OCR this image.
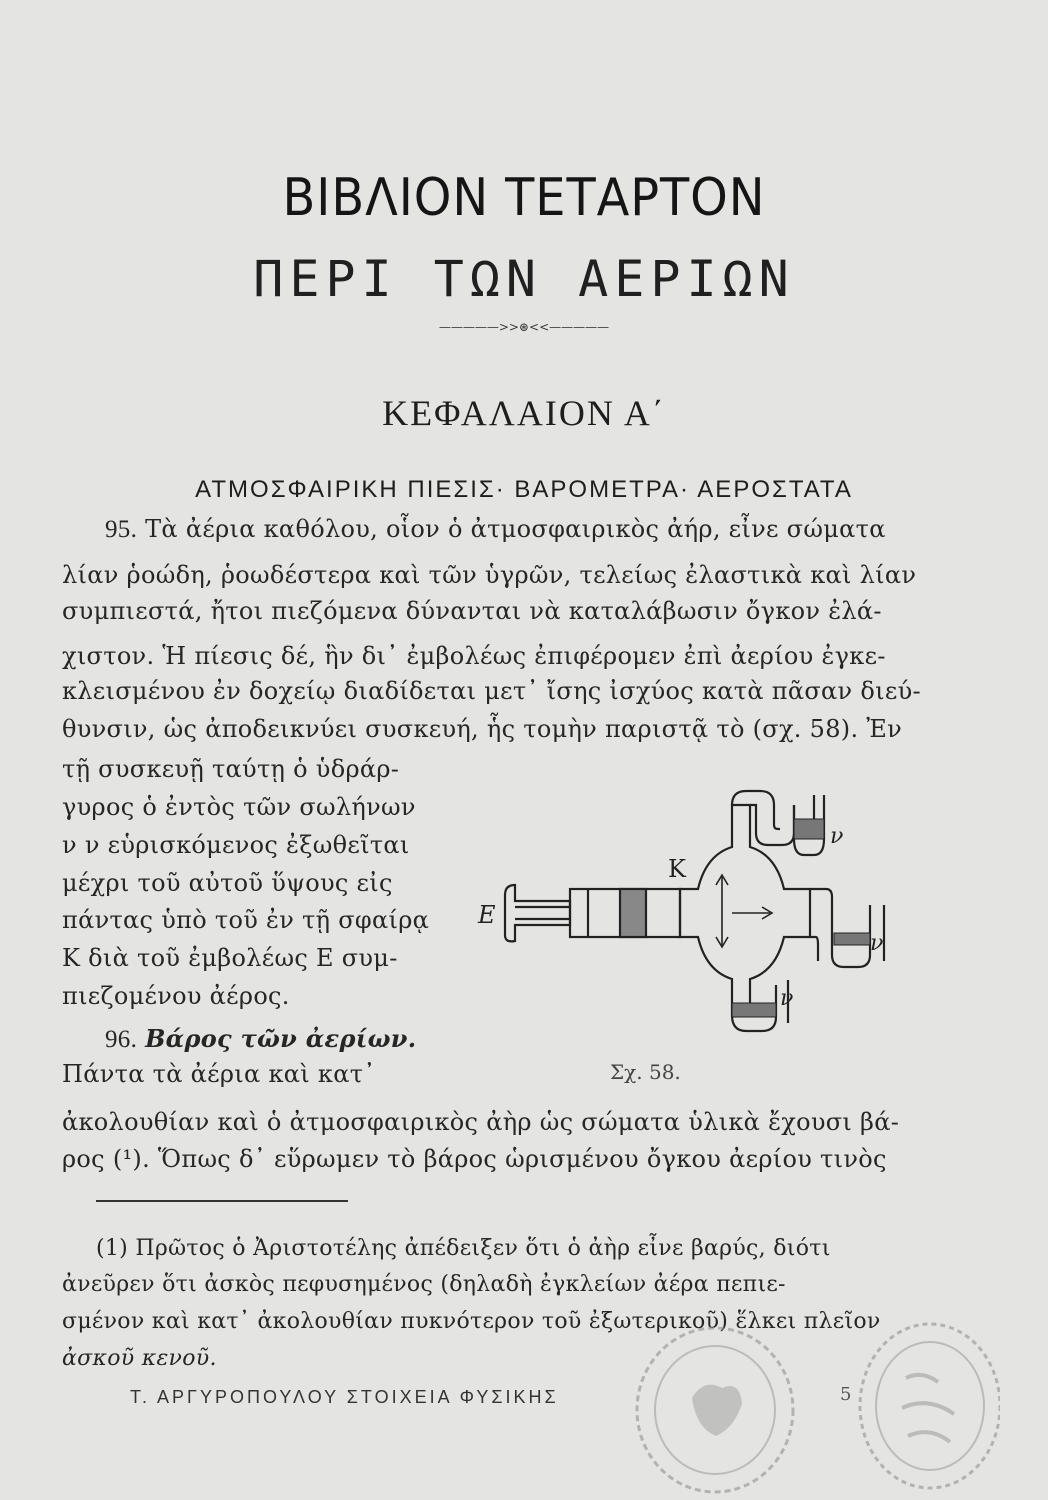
ΒΙΒΛΙΟΝ ΤΕΤΑΡΤΟΝ
ΠΕΡΙ ΤΩΝ ΑΕΡΙΩΝ
—————>>⊛<<—————
ΚΕΦΑΛΑΙΟΝ Α΄
ΑΤΜΟΣΦΑΙΡΙΚΗ ΠΙΕΣΙΣ· ΒΑΡΟΜΕΤΡΑ· ΑΕΡΟΣΤΑΤΑ
95. Τὰ ἀέρια καθόλου, οἷον ὁ ἀτμοσφαιρικὸς ἀήρ, εἶνε σώματα
λίαν ῥοώδη, ῥοωδέστερα καὶ τῶν ὑγρῶν, τελείως ἐλαστικὰ καὶ λίαν
συμπιεστά, ἤτοι πιεζόμενα δύνανται νὰ καταλάβωσιν ὄγκον ἐλά-
χιστον. Ἡ πίεσις δέ, ἣν δι᾽ ἐμβολέως ἐπιφέρομεν ἐπὶ ἀερίου ἐγκε-
κλεισμένου ἐν δοχείῳ διαδίδεται μετ᾽ ἴσης ἰσχύος κατὰ πᾶσαν διεύ-
θυνσιν, ὡς ἀποδεικνύει συσκευή, ἧς τομὴν παριστᾷ τὸ (σχ. 58). Ἐν
τῇ συσκευῇ ταύτῃ ὁ ὑδράρ-
γυρος ὁ ἐντὸς τῶν σωλήνων
ν ν εὑρισκόμενος ἐξωθεῖται
μέχρι τοῦ αὐτοῦ ὕψους εἰς
πάντας ὑπὸ τοῦ ἐν τῇ σφαίρᾳ
Κ διὰ τοῦ ἐμβολέως Ε συμ-
πιεζομένου ἀέρος.
96. Βάρος τῶν ἀερίων.
Πάντα τὰ ἀέρια καὶ κατ᾽
ἀκολουθίαν καὶ ὁ ἀτμοσφαιρικὸς ἀὴρ ὡς σώματα ὑλικὰ ἔχουσι βά-
ρος (¹). Ὅπως δ᾽ εὕρωμεν τὸ βάρος ὡρισμένου ὄγκου ἀερίου τινὸς
Κ
Ε
ν
ν
ν
Σχ. 58.
(1) Πρῶτος ὁ Ἀριστοτέλης ἀπέδειξεν ὅτι ὁ ἀὴρ εἶνε βαρύς, διότι
ἀνεῦρεν ὅτι ἀσκὸς πεφυσημένος (δηλαδὴ ἐγκλείων ἀέρα πεπιε-
σμένον καὶ κατ᾽ ἀκολουθίαν πυκνότερον τοῦ ἐξωτερικοῦ) ἕλκει πλεῖον
ἀσκοῦ κενοῦ.
Τ. ΑΡΓΥΡΟΠΟΥΛΟΥ ΣΤΟΙΧΕΙΑ ΦΥΣΙΚΗΣ	5
